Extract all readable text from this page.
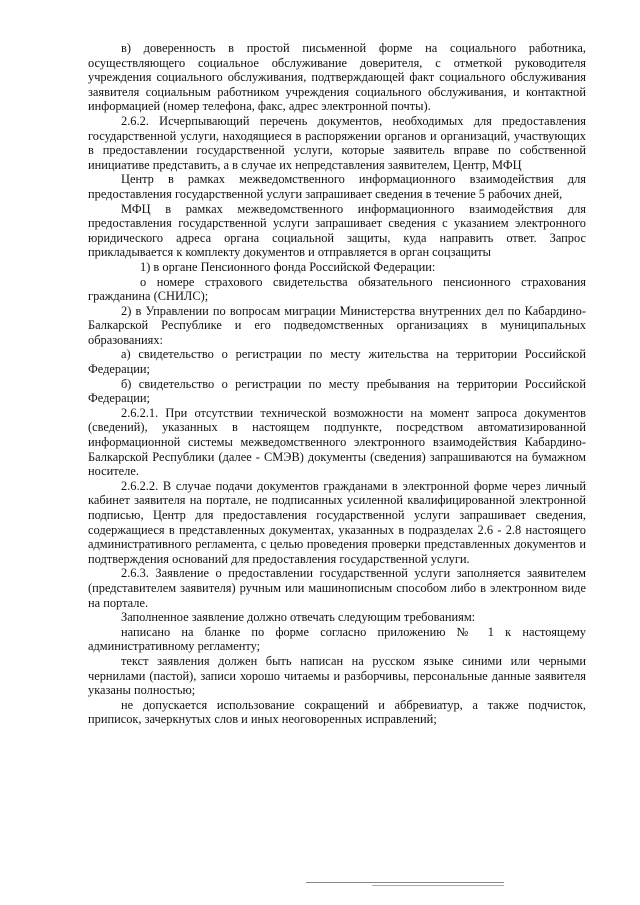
в) доверенность в простой письменной форме на социального работника, осуществляющего социальное обслуживание доверителя, с отметкой руководителя учреждения социального обслуживания, подтверждающей факт социального обслуживания заявителя социальным работником учреждения социального обслуживания, и контактной информацией (номер телефона, факс, адрес электронной почты).

2.6.2. Исчерпывающий перечень документов, необходимых для предоставления государственной услуги, находящиеся в распоряжении органов и организаций, участвующих в предоставлении государственной услуги, которые заявитель вправе по собственной инициативе представить, а в случае их непредставления заявителем, Центр, МФЦ

Центр в рамках межведомственного информационного взаимодействия для предоставления государственной услуги запрашивает сведения в течение 5 рабочих дней,

МФЦ в рамках межведомственного информационного взаимодействия для предоставления государственной услуги запрашивает сведения с указанием электронного юридического адреса органа социальной защиты, куда направить ответ. Запрос прикладывается к комплекту документов и отправляется в орган соцзащиты

1) в органе Пенсионного фонда Российской Федерации:

о номере страхового свидетельства обязательного пенсионного страхования гражданина (СНИЛС);

2) в Управлении по вопросам миграции Министерства внутренних дел по Кабардино-Балкарской Республике и его подведомственных организациях в муниципальных образованиях:

а) свидетельство о регистрации по месту жительства на территории Российской Федерации;

б) свидетельство о регистрации по месту пребывания на территории Российской Федерации;

2.6.2.1. При отсутствии технической возможности на момент запроса документов (сведений), указанных в настоящем подпункте, посредством автоматизированной информационной системы межведомственного электронного взаимодействия Кабардино-Балкарской Республики (далее - СМЭВ) документы (сведения) запрашиваются на бумажном носителе.

2.6.2.2. В случае подачи документов гражданами в электронной форме через личный кабинет заявителя на портале, не подписанных усиленной квалифицированной электронной подписью, Центр для предоставления государственной услуги запрашивает сведения, содержащиеся в представленных документах, указанных в подразделах 2.6 - 2.8 настоящего административного регламента, с целью проведения проверки представленных документов и подтверждения оснований для предоставления государственной услуги.

2.6.3. Заявление о предоставлении государственной услуги заполняется заявителем (представителем заявителя) ручным или машинописным способом либо в электронном виде на портале.

Заполненное заявление должно отвечать следующим требованиям:

написано на бланке по форме согласно приложению № 1 к настоящему административному регламенту;

текст заявления должен быть написан на русском языке синими или черными чернилами (пастой), записи хорошо читаемы и разборчивы, персональные данные заявителя указаны полностью;

не допускается использование сокращений и аббревиатур, а также подчисток, приписок, зачеркнутых слов и иных неоговоренных исправлений;
